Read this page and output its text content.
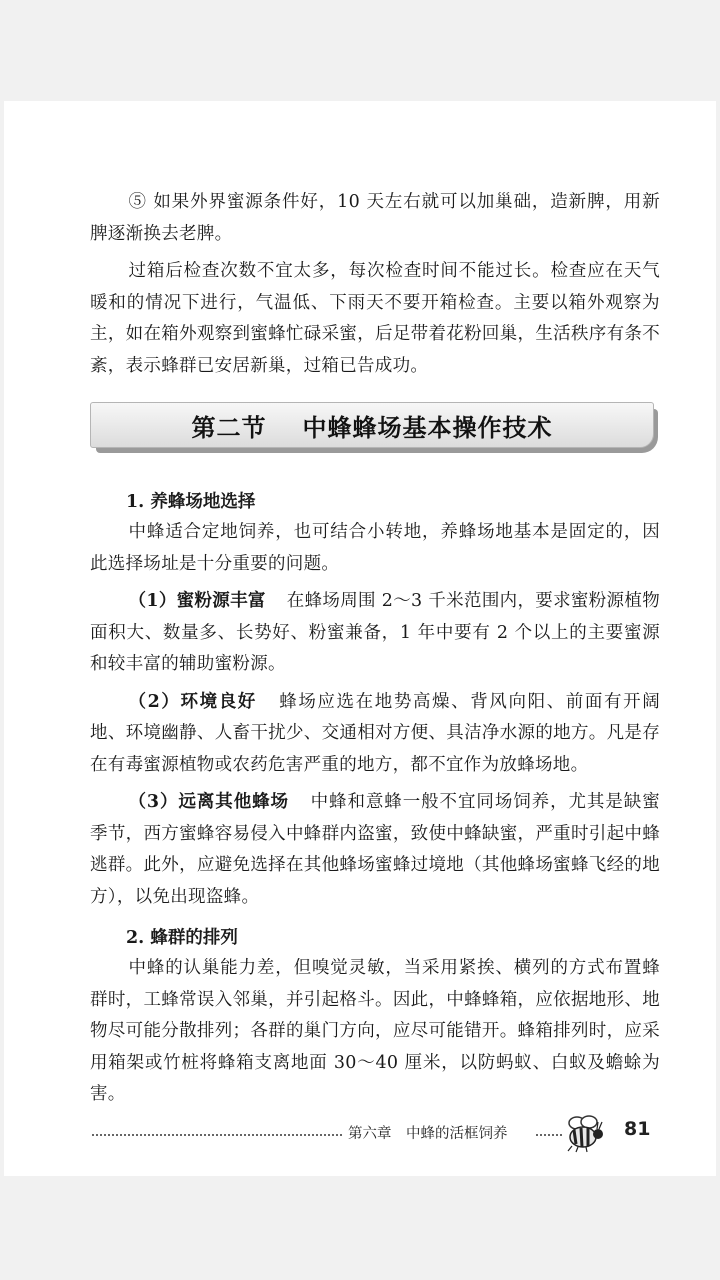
⑤ 如果外界蜜源条件好，10 天左右就可以加巢础，造新脾，用新脾逐渐换去老脾。

过箱后检查次数不宜太多，每次检查时间不能过长。检查应在天气暖和的情况下进行，气温低、下雨天不要开箱检查。主要以箱外观察为主，如在箱外观察到蜜蜂忙碌采蜜，后足带着花粉回巢，生活秩序有条不紊，表示蜂群已安居新巢，过箱已告成功。

第二节 中蜂蜂场基本操作技术
1. 养蜂场地选择

中蜂适合定地饲养，也可结合小转地，养蜂场地基本是固定的，因此选择场址是十分重要的问题。

（1）蜜粉源丰富 在蜂场周围 2～3 千米范围内，要求蜜粉源植物面积大、数量多、长势好、粉蜜兼备，1 年中要有 2 个以上的主要蜜源和较丰富的辅助蜜粉源。

（2）环境良好 蜂场应选在地势高燥、背风向阳、前面有开阔地、环境幽静、人畜干扰少、交通相对方便、具洁净水源的地方。凡是存在有毒蜜源植物或农药危害严重的地方，都不宜作为放蜂场地。

（3）远离其他蜂场 中蜂和意蜂一般不宜同场饲养，尤其是缺蜜季节，西方蜜蜂容易侵入中蜂群内盗蜜，致使中蜂缺蜜，严重时引起中蜂逃群。此外，应避免选择在其他蜂场蜜蜂过境地（其他蜂场蜜蜂飞经的地方），以免出现盗蜂。

2. 蜂群的排列

中蜂的认巢能力差，但嗅觉灵敏，当采用紧挨、横列的方式布置蜂群时，工蜂常误入邻巢，并引起格斗。因此，中蜂蜂箱，应依据地形、地物尽可能分散排列；各群的巢门方向，应尽可能错开。蜂箱排列时，应采用箱架或竹桩将蜂箱支离地面 30～40 厘米，以防蚂蚁、白蚁及蟾蜍为害。

第六章　中蜂的活框饲养	81
